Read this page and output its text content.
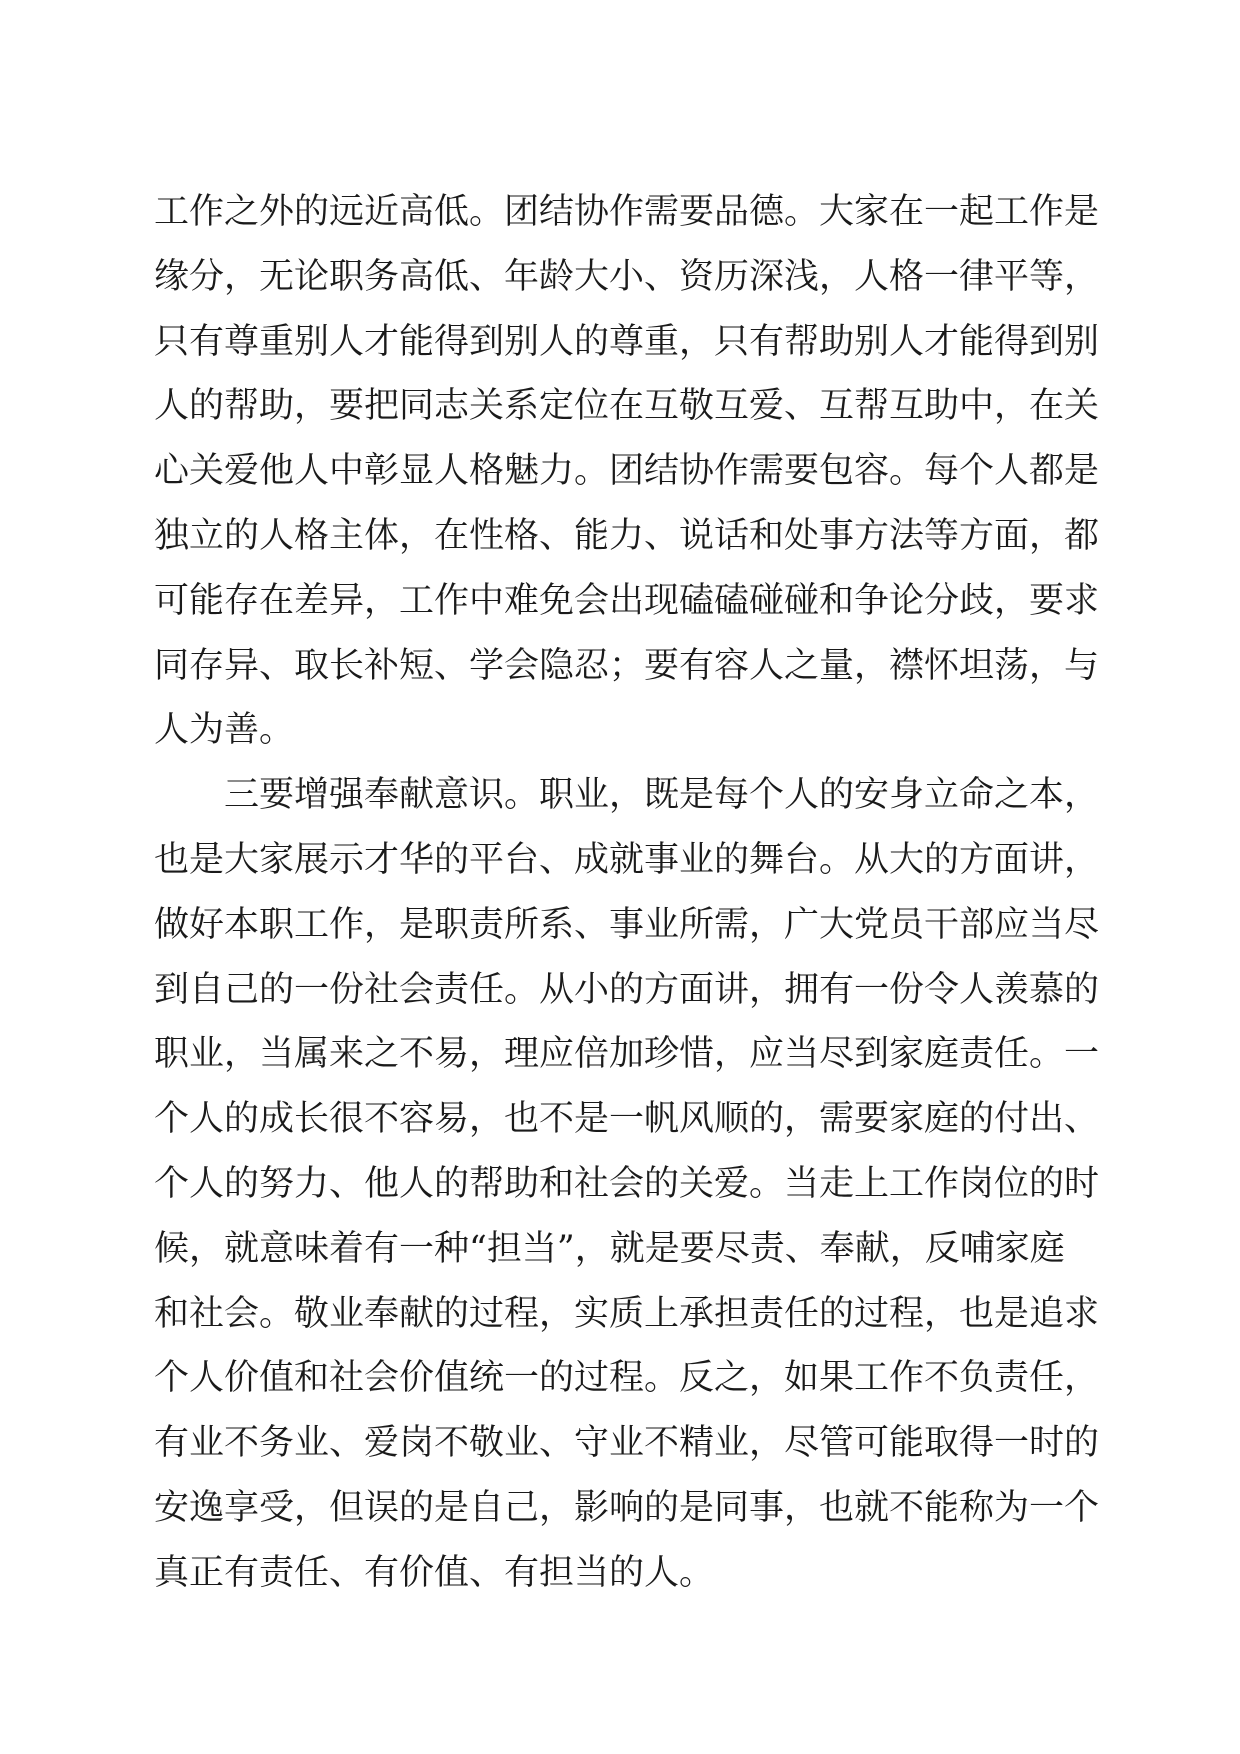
工作之外的远近高低。团结协作需要品德。大家在一起工作是
缘分，无论职务高低、年龄大小、资历深浅，人格一律平等，
只有尊重别人才能得到别人的尊重，只有帮助别人才能得到别
人的帮助，要把同志关系定位在互敬互爱、互帮互助中，在关
心关爱他人中彰显人格魅力。团结协作需要包容。每个人都是
独立的人格主体，在性格、能力、说话和处事方法等方面，都
可能存在差异，工作中难免会出现磕磕碰碰和争论分歧，要求
同存异、取长补短、学会隐忍；要有容人之量，襟怀坦荡，与
人为善。
三要增强奉献意识。职业，既是每个人的安身立命之本，
也是大家展示才华的平台、成就事业的舞台。从大的方面讲，
做好本职工作，是职责所系、事业所需，广大党员干部应当尽
到自己的一份社会责任。从小的方面讲，拥有一份令人羡慕的
职业，当属来之不易，理应倍加珍惜，应当尽到家庭责任。一
个人的成长很不容易，也不是一帆风顺的，需要家庭的付出、
个人的努力、他人的帮助和社会的关爱。当走上工作岗位的时
候，就意味着有一种“担当”，就是要尽责、奉献，反哺家庭
和社会。敬业奉献的过程，实质上承担责任的过程，也是追求
个人价值和社会价值统一的过程。反之，如果工作不负责任，
有业不务业、爱岗不敬业、守业不精业，尽管可能取得一时的
安逸享受，但误的是自己，影响的是同事，也就不能称为一个
真正有责任、有价值、有担当的人。
